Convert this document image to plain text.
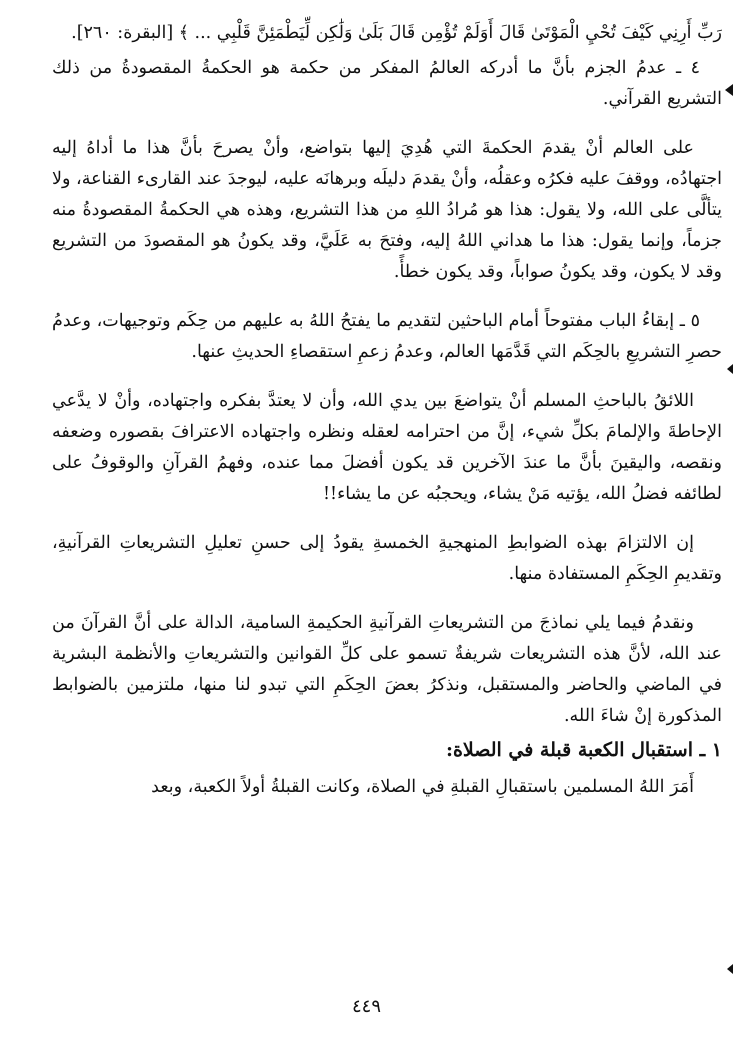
رَبِّ أَرِنِي كَيْفَ تُحْيِ الْمَوْتَىٰ قَالَ أَوَلَمْ تُؤْمِن قَالَ بَلَىٰ وَلَٰكِن لِّيَطْمَئِنَّ قَلْبِي ... ﴾ [البقرة: ٢٦٠].

٤ ـ عدمُ الجزم بأنَّ ما أدركه العالمُ المفكر من حكمة هو الحكمةُ المقصودةُ من ذلك التشريع القرآني.

على العالم أنْ يقدمَ الحكمةَ التي هُدِيَ إليها بتواضع، وأنْ يصرحَ بأنَّ هذا ما أداهُ إليه اجتهادُه، ووقفَ عليه فكرُه وعقلُه، وأنْ يقدمَ دليلَه وبرهانَه عليه، ليوجدَ عند القارىء القناعة، ولا يتألَّى على الله، ولا يقول: هذا هو مُرادُ اللهِ من هذا التشريع، وهذه هي الحكمةُ المقصودةُ منه جزماً، وإنما يقول: هذا ما هداني اللهُ إليه، وفتحَ به عَلَيَّ، وقد يكونُ هو المقصودَ من التشريع وقد لا يكون، وقد يكونُ صواباً، وقد يكون خطأً.

٥ ـ إبقاءُ الباب مفتوحاً أمام الباحثين لتقديم ما يفتحُ اللهُ به عليهم من حِكَم وتوجيهات، وعدمُ حصرِ التشريعِ بالحِكَم التي قَدَّمَها العالم، وعدمُ زعمِ استقصاءِ الحديثِ عنها.

اللائقُ بالباحثِ المسلم أنْ يتواضعَ بين يدي الله، وأن لا يعتدَّ بفكره واجتهاده، وأنْ لا يدَّعي الإحاطةَ والإلمامَ بكلِّ شيء، إنَّ من احترامه لعقله ونظره واجتهاده الاعترافَ بقصوره وضعفه ونقصه، واليقينَ بأنَّ ما عندَ الآخرين قد يكون أفضلَ مما عنده، وفهمُ القرآنِ والوقوفُ على لطائفه فضلُ الله، يؤتيه مَنْ يشاء، ويحجبُه عن ما يشاء!!

إن الالتزامَ بهذه الضوابطِ المنهجيةِ الخمسةِ يقودُ إلى حسنِ تعليلِ التشريعاتِ القرآنيةِ، وتقديمِ الحِكَمِ المستفادة منها.

ونقدمُ فيما يلي نماذجَ من التشريعاتِ القرآنيةِ الحكيمةِ السامية، الدالة على أنَّ القرآنَ من عند الله، لأنَّ هذه التشريعات شريفةٌ تسمو على كلِّ القوانين والتشريعاتِ والأنظمة البشرية في الماضي والحاضر والمستقبل، ونذكرُ بعضَ الحِكَمِ التي تبدو لنا منها، ملتزمين بالضوابط المذكورة إنْ شاءَ الله.

١ ـ استقبال الكعبة قبلة في الصلاة:

أَمَرَ اللهُ المسلمين باستقبالِ القبلةِ في الصلاة، وكانت القبلةُ أولاً الكعبة، وبعد

٤٤٩
